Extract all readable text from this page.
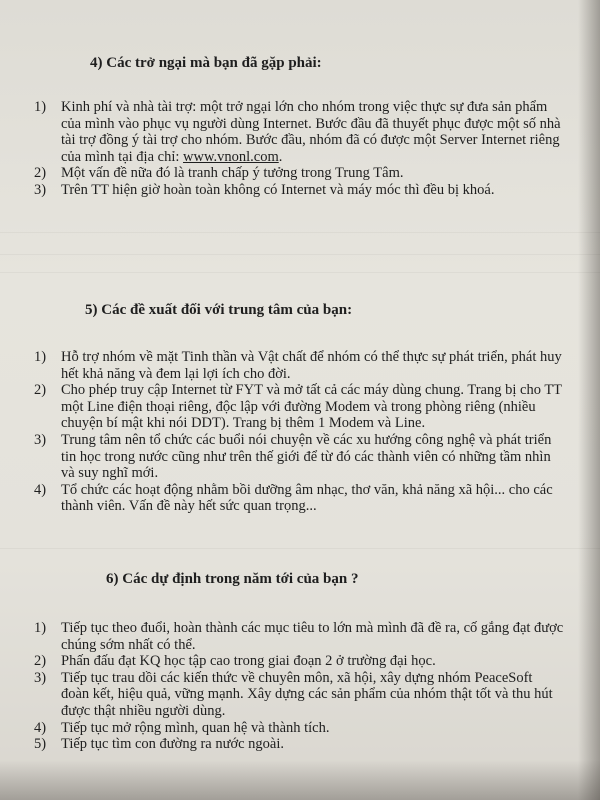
4) Các trở ngại mà bạn đã gặp phải:
1) Kinh phí và nhà tài trợ: một trở ngại lớn cho nhóm trong việc thực sự đưa sản phẩm của mình vào phục vụ người dùng Internet. Bước đầu đã thuyết phục được một số nhà tài trợ đồng ý tài trợ cho nhóm. Bước đầu, nhóm đã có được một Server Internet riêng của mình tại địa chỉ: www.vnonl.com.
2) Một vấn đề nữa đó là tranh chấp ý tưởng trong Trung Tâm.
3) Trên TT hiện giờ hoàn toàn không có Internet và máy móc thì đều bị khoá.
5) Các đề xuất đối với trung tâm của bạn:
1) Hỗ trợ nhóm về mặt Tinh thần và Vật chất để nhóm có thể thực sự phát triển, phát huy hết khả năng và đem lại lợi ích cho đời.
2) Cho phép truy cập Internet từ FYT và mở tất cả các máy dùng chung. Trang bị cho TT một Line điện thoại riêng, độc lập với đường Modem và trong phòng riêng (nhiều chuyện bí mật khi nói DDT). Trang bị thêm 1 Modem và Line.
3) Trung tâm nên tổ chức các buổi nói chuyện về các xu hướng công nghệ và phát triển tin học trong nước cũng như trên thế giới để từ đó các thành viên có những tầm nhìn và suy nghĩ mới.
4) Tổ chức các hoạt động nhằm bồi dưỡng âm nhạc, thơ văn, khả năng xã hội... cho các thành viên. Vấn đề này hết sức quan trọng...
6) Các dự định trong năm tới của bạn ?
1) Tiếp tục theo đuổi, hoàn thành các mục tiêu to lớn mà mình đã đề ra, cố gắng đạt được chúng sớm nhất có thể.
2) Phấn đấu đạt KQ học tập cao trong giai đoạn 2 ở trường đại học.
3) Tiếp tục trau dồi các kiến thức về chuyên môn, xã hội, xây dựng nhóm PeaceSoft đoàn kết, hiệu quả, vững mạnh. Xây dựng các sản phẩm của nhóm thật tốt và thu hút được thật nhiều người dùng.
4) Tiếp tục mở rộng mình, quan hệ và thành tích.
5) Tiếp tục tìm con đường ra nước ngoài.
